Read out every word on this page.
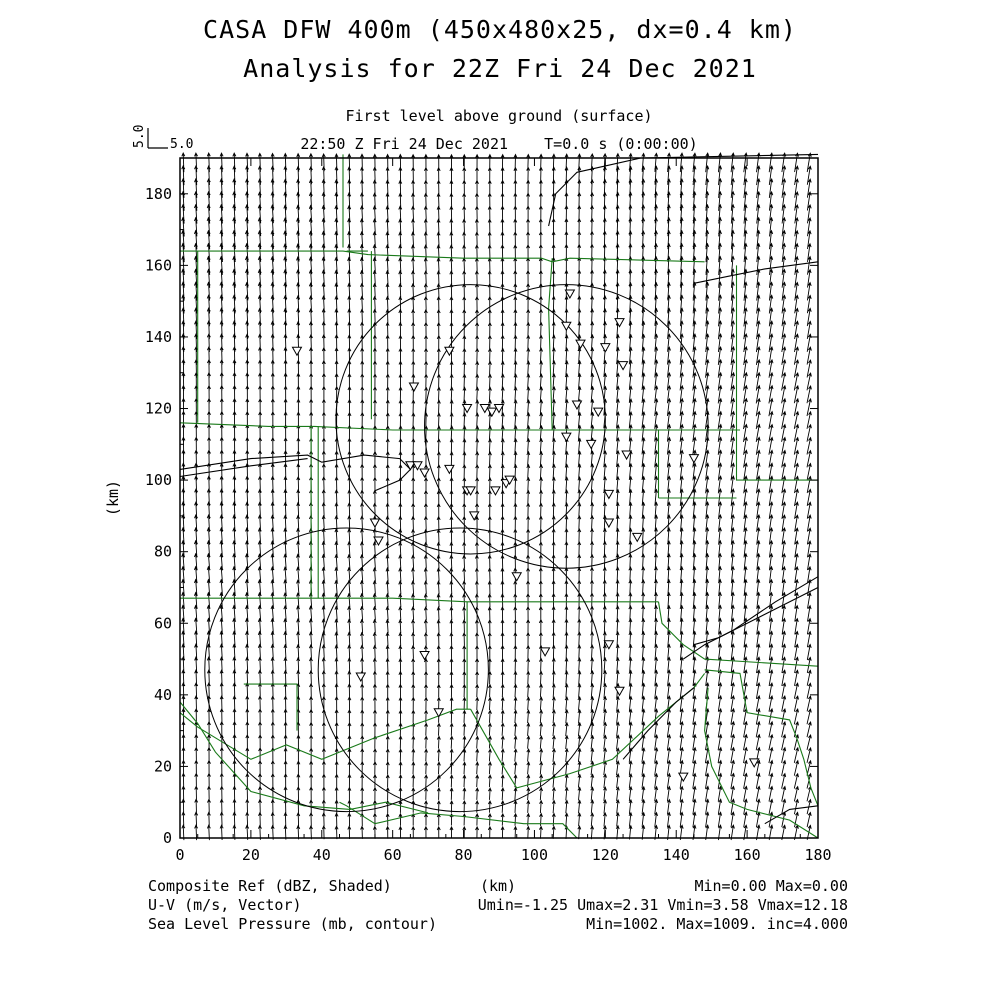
CASA DFW 400m (450x480x25, dx=0.4 km)
Analysis for 22Z Fri 24 Dec 2021
First level above ground (surface)
22:50 Z Fri 24 Dec 2021    T=0.0 s (0:00:00)
0	20	40	60	80	100	120	140	160	180
0
20
40
60
80
100
120
140
160
180
5.0
5.0
(km)
(km)
Composite Ref (dBZ, Shaded)
U-V (m/s, Vector)
Sea Level Pressure (mb, contour)
Min=0.00 Max=0.00
Umin=-1.25 Umax=2.31 Vmin=3.58 Vmax=12.18
Min=1002. Max=1009. inc=4.000
